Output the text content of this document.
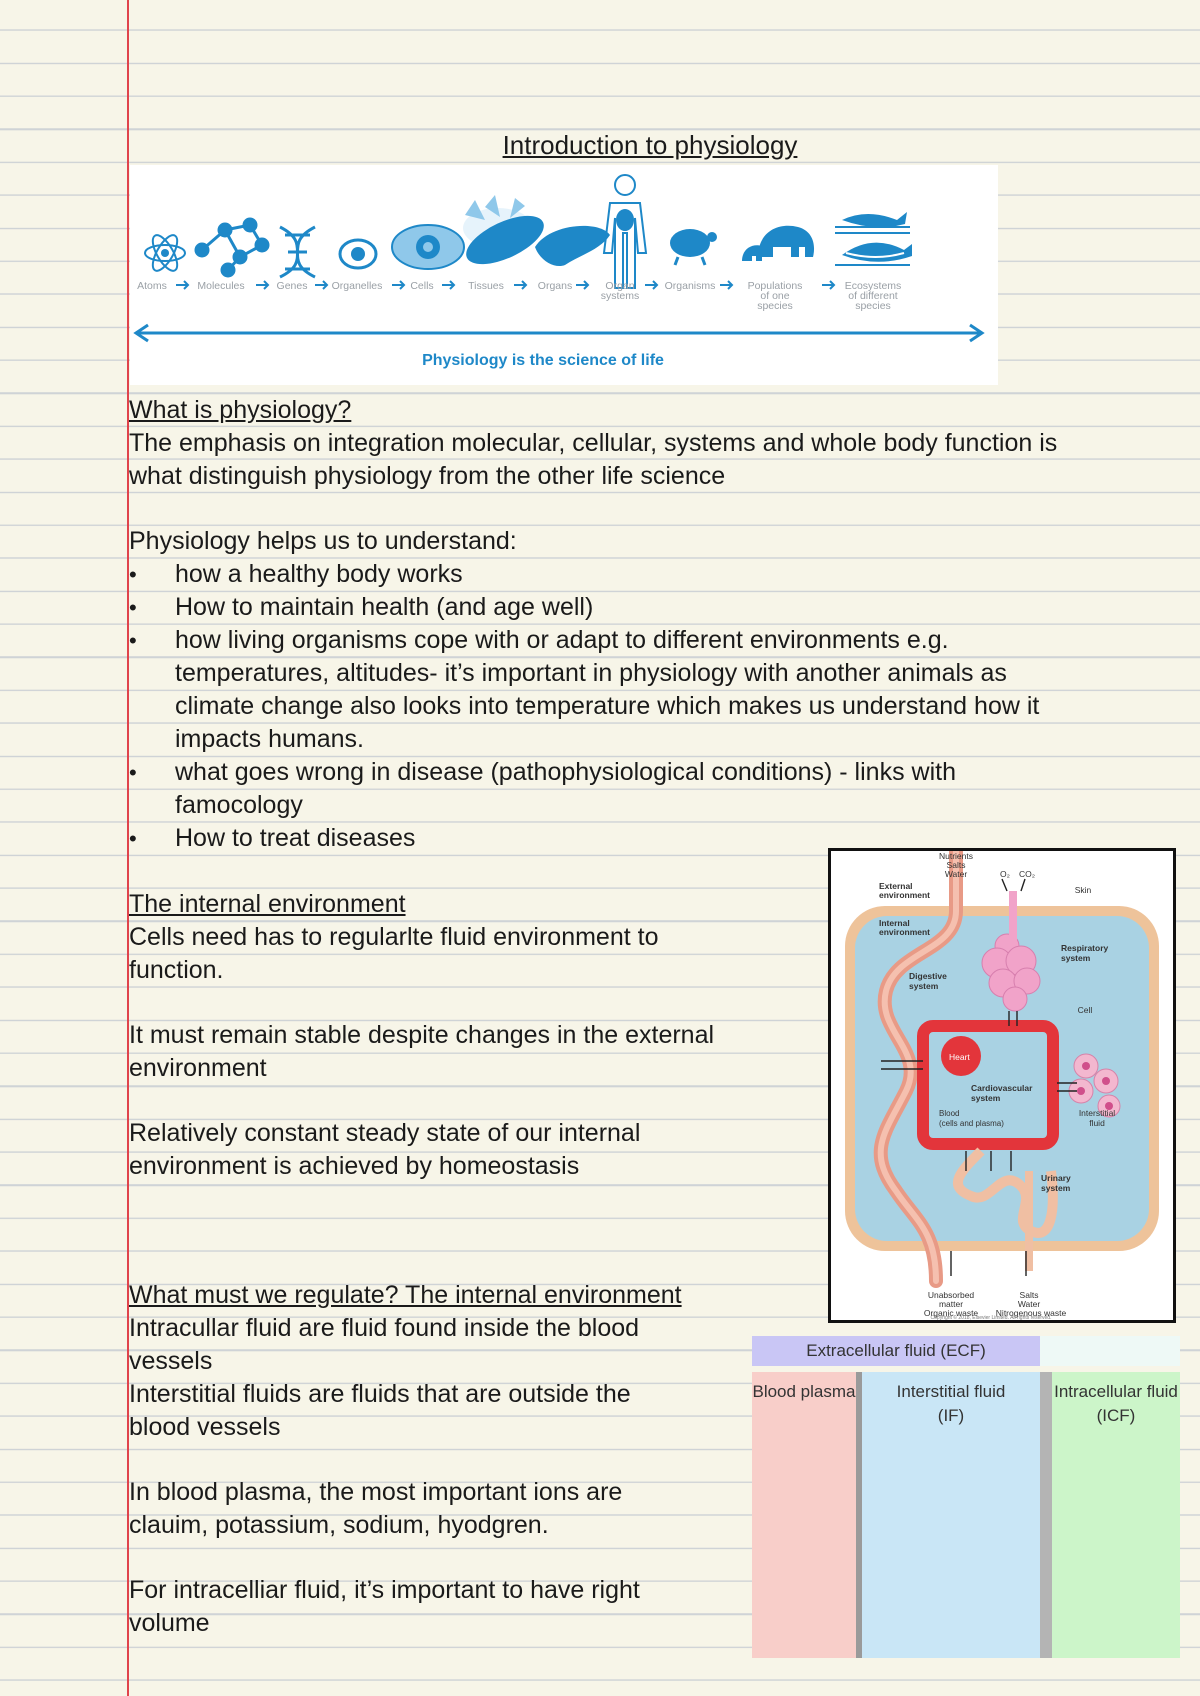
Introduction to physiology
Atoms	Molecules	Genes Organelles	Cells	Tissues	Organs	Organ
systems
Organisms	Populations
of one
species
Ecosystems
of different
species
Physiology is the science of life
What is physiology?
The emphasis on integration molecular, cellular, systems and whole body function is
what distinguish physiology from the other life science
Physiology helps us to understand:
• how a healthy body works
• How to maintain health (and age well)
• how living organisms cope with or adapt to different environments e.g.
temperatures, altitudes- it’s important in physiology with another animals as
climate change also looks into temperature which makes us understand how it
impacts humans.
• what goes wrong in disease (pathophysiological conditions) - links with
famocology
• How to treat diseases
The internal environment
Cells need has to regularlte fluid environment to
function.
It must remain stable despite changes in the external
environment
Relatively constant steady state of our internal
environment is achieved by homeostasis
Nutrients
Salts
Water	O₂ CO₂
Skin
Cell
Interstitial
fluid
Unabsorbed
matter
Organic waste
Salts
Water
Nitrogenous waste
External
environment
Internal
environment
Respiratory
system
Digestive
system
Cardiovascular
system
Urinary
system
Heart
Blood
(cells and plasma)
Copyright © 2018, Elsevier Limited. All rights reserved.
What must we regulate? The internal environment
Intracullar fluid are fluid found inside the blood
vessels
Interstitial fluids are fluids that are outside the
blood vessels
In blood plasma, the most important ions are
clauim, potassium, sodium, hyodgren.
For intracelliar fluid, it’s important to have right
volume
Extracellular fluid (ECF)
Blood plasma	Interstitial fluid
(IF)
Intracellular fluid
(ICF)
